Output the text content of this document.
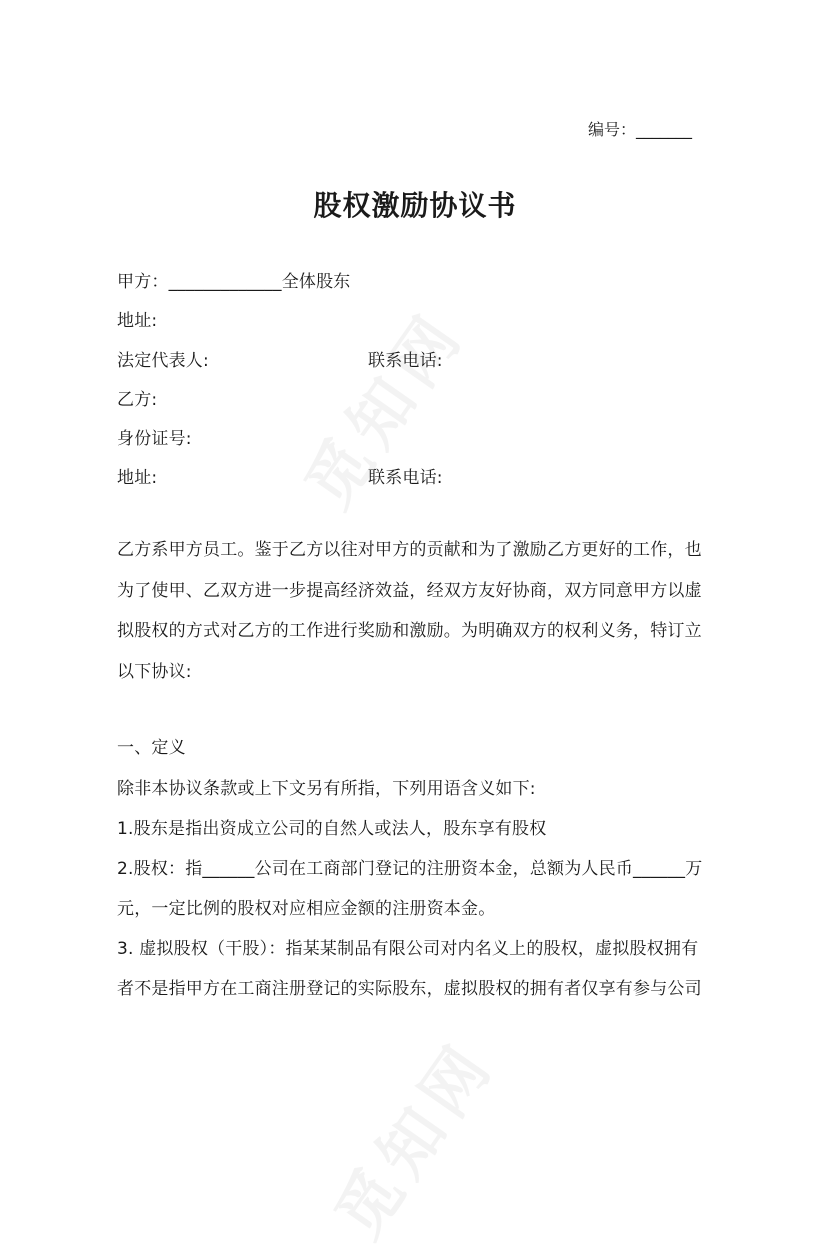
编号：_______
股权激励协议书
甲方：_____________全体股东
地址:
法定代表人:	联系电话:
乙方:
身份证号:
地址:	联系电话:
乙方系甲方员工。鉴于乙方以往对甲方的贡献和为了激励乙方更好的工作，也
为了使甲、乙双方进一步提高经济效益，经双方友好协商，双方同意甲方以虚
拟股权的方式对乙方的工作进行奖励和激励。为明确双方的权利义务，特订立
以下协议:
一、定义
除非本协议条款或上下文另有所指，下列用语含义如下:
1.股东是指出资成立公司的自然人或法人，股东享有股权
2.股权：指______公司在工商部门登记的注册资本金，总额为人民币______万
元，一定比例的股权对应相应金额的注册资本金。
3. 虚拟股权（干股）：指某某制品有限公司对内名义上的股权，虚拟股权拥有
者不是指甲方在工商注册登记的实际股东，虚拟股权的拥有者仅享有参与公司
